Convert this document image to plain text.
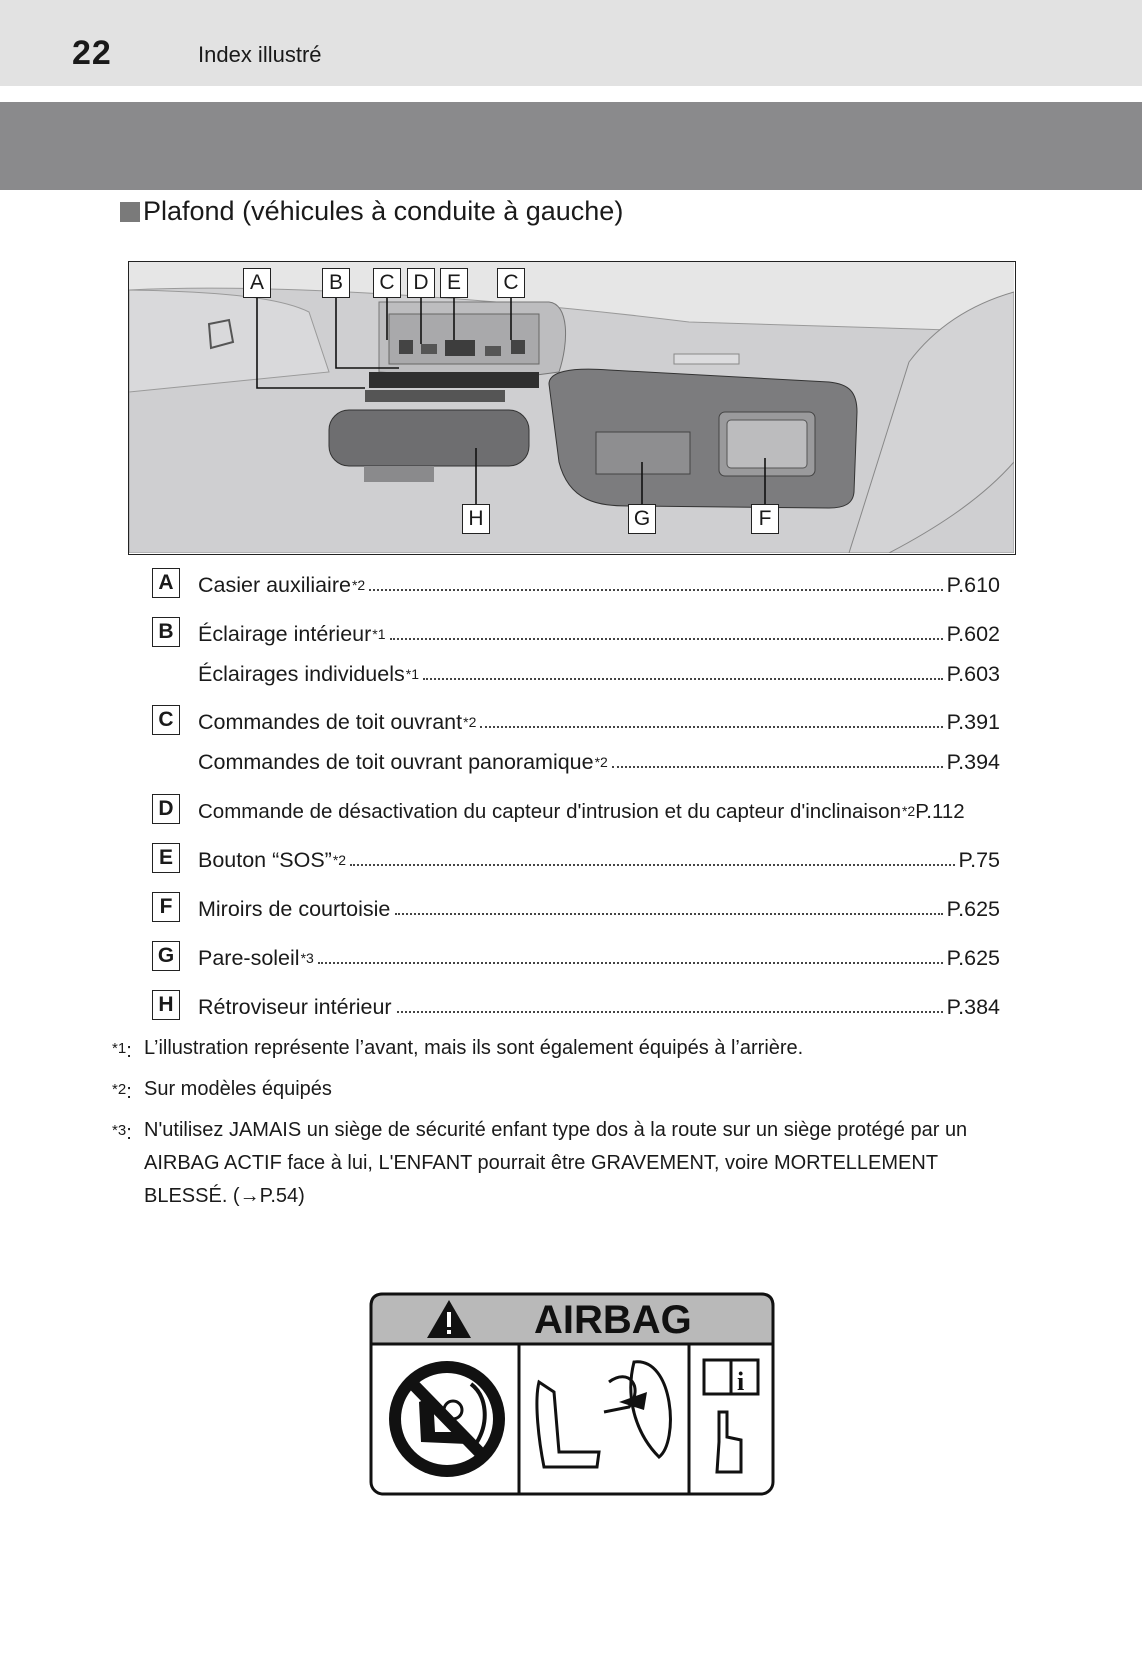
22	Index illustré
Plafond (véhicules à conduite à gauche)
A	B	C D E	C
H	G	F
A Casier auxiliaire$^{*2}$	P.610
B Éclairage intérieur$^{*1}$	P.602
Éclairages individuels$^{*1}$	P.603
C Commandes de toit ouvrant$^{*2}$	P.391
Commandes de toit ouvrant panoramique$^{*2}$	P.394
D	Commande de désactivation du capteur d'intrusion et du capteur d'inclinaison$^{*2}$ P.112
E	Bouton “SOS”$^{*2}$	P.75
F	Miroirs de courtoisie	P.625
G Pare-soleil$^{*3}$	P.625
H Rétroviseur intérieur	P.384
*1: L’illustration représente l’avant, mais ils sont également équipés à l’arrière.
*2: Sur modèles équipés
*3: N'utilisez JAMAIS un siège de sécurité enfant type dos à la route sur un siège protégé par un AIRBAG ACTIF face à lui, L'ENFANT pourrait être GRAVEMENT, voire MORTELLEMENT BLESSÉ. (→P.54)
i
AIRBAG
